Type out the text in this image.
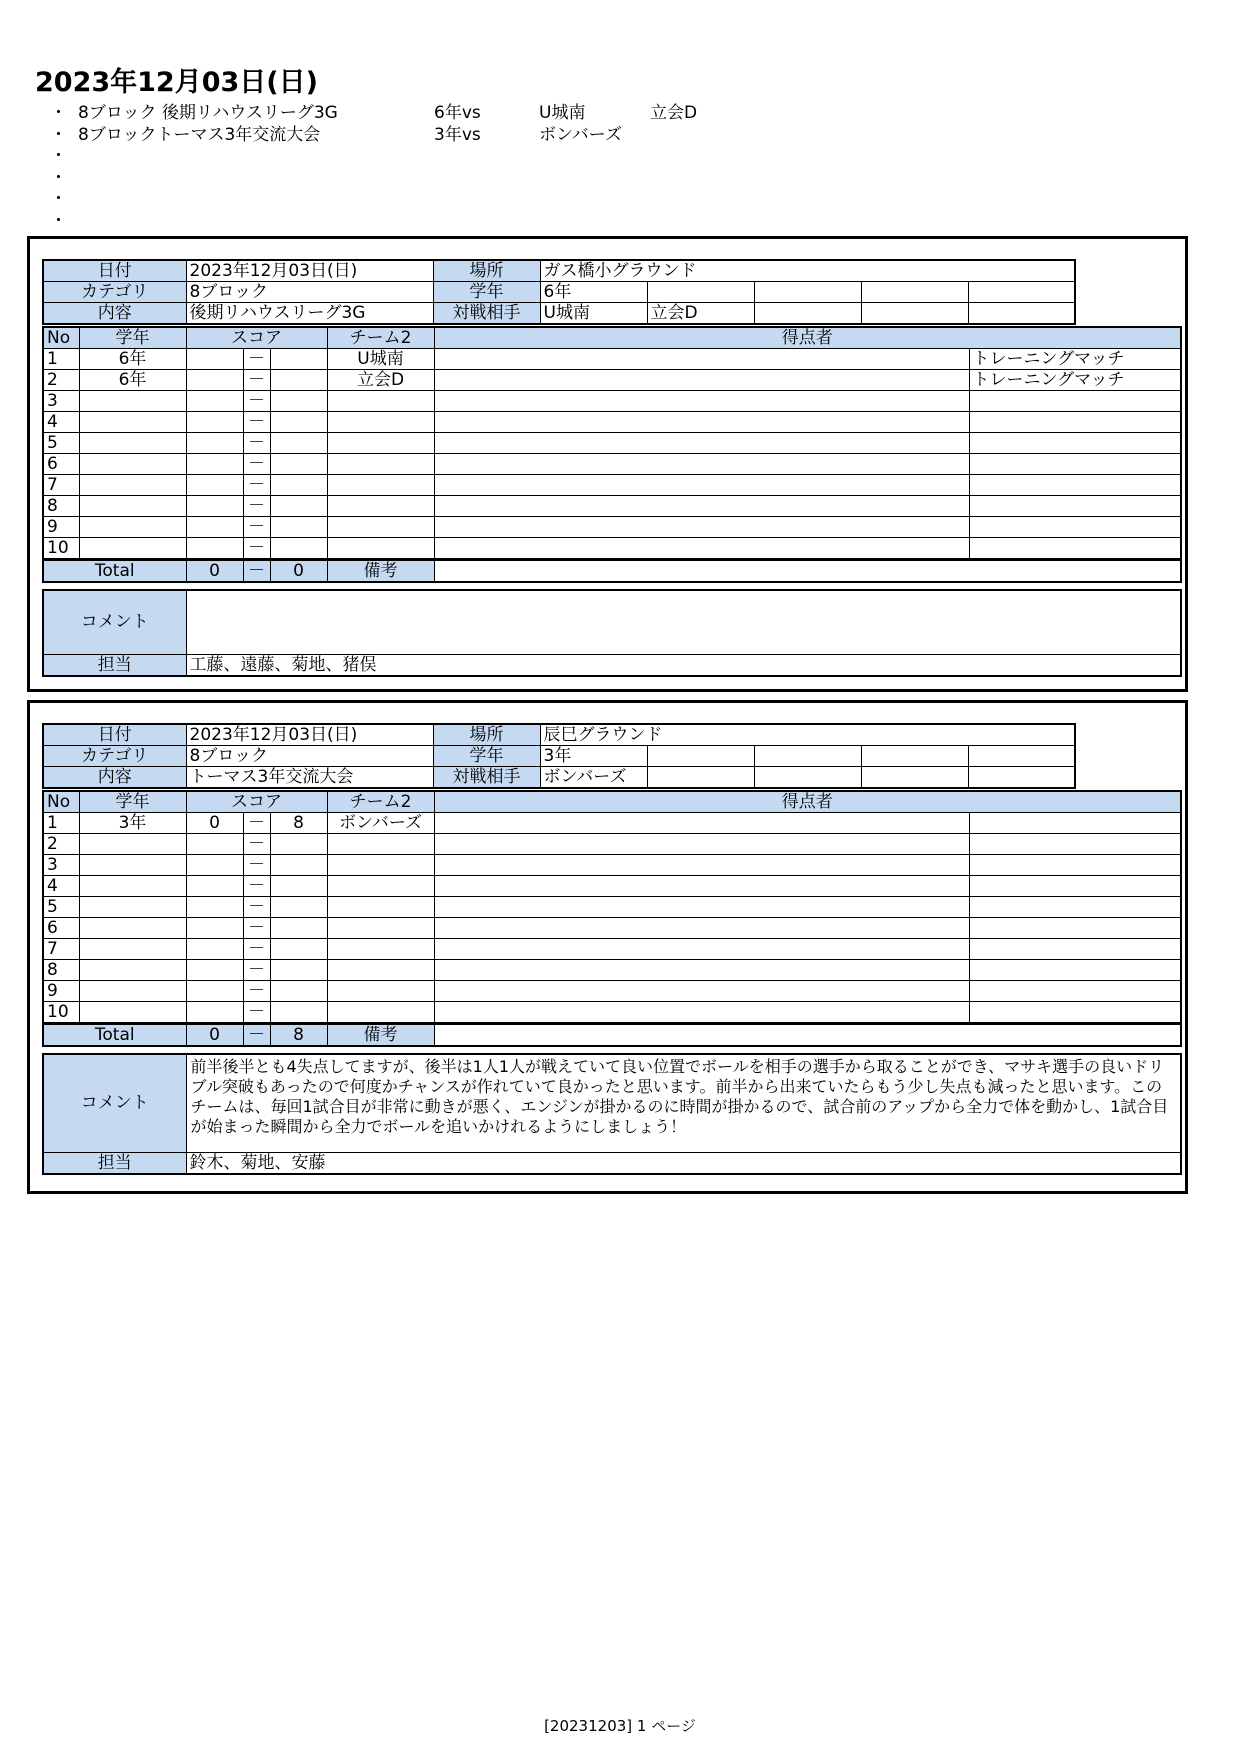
2023年12月03日(日)
・ 8ブロック 後期リハウスリーグ3G	6年vs	U城南	立会D
・ 8ブロックトーマス3年交流大会	3年vs	ボンバーズ
・
・
・
・
日付	2023年12月03日(日)	場所	ガス橋小グラウンド				
カテゴリ	8ブロック	学年	6年				
内容	後期リハウスリーグ3G	対戦相手	U城南	立会D			
No	学年	スコア			チーム2	得点者	
1	6年		－		U城南		トレーニングマッチ
2	6年		－		立会D		トレーニングマッチ
3			－				
4			－				
5			－				
6			－				
7			－				
8			－				
9			－				
10			－				
Total	0	－	0	備考	
コメント	
担当	工藤、遠藤、菊地、猪俣
日付	2023年12月03日(日)	場所	辰巳グラウンド				
カテゴリ	8ブロック	学年	3年				
内容	トーマス3年交流大会	対戦相手	ボンバーズ				
No	学年	スコア			チーム2	得点者	
1	3年	0	－	8	ボンバーズ		
2			－				
3			－				
4			－				
5			－				
6			－				
7			－				
8			－				
9			－				
10			－				
Total	0	－	8	備考	
コメント	前半後半とも4失点してますが、後半は1人1人が戦えていて良い位置でボールを相手の選手から取ることができ、マサキ選手の良いドリブル突破もあったので何度かチャンスが作れていて良かったと思います。前半から出来ていたらもう少し失点も減ったと思います。このチームは、毎回1試合目が非常に動きが悪く、エンジンが掛かるのに時間が掛かるので、試合前のアップから全力で体を動かし、1試合目が始まった瞬間から全力でボールを追いかけれるようにしましょう！
担当	鈴木、菊地、安藤
[20231203] 1 ページ
